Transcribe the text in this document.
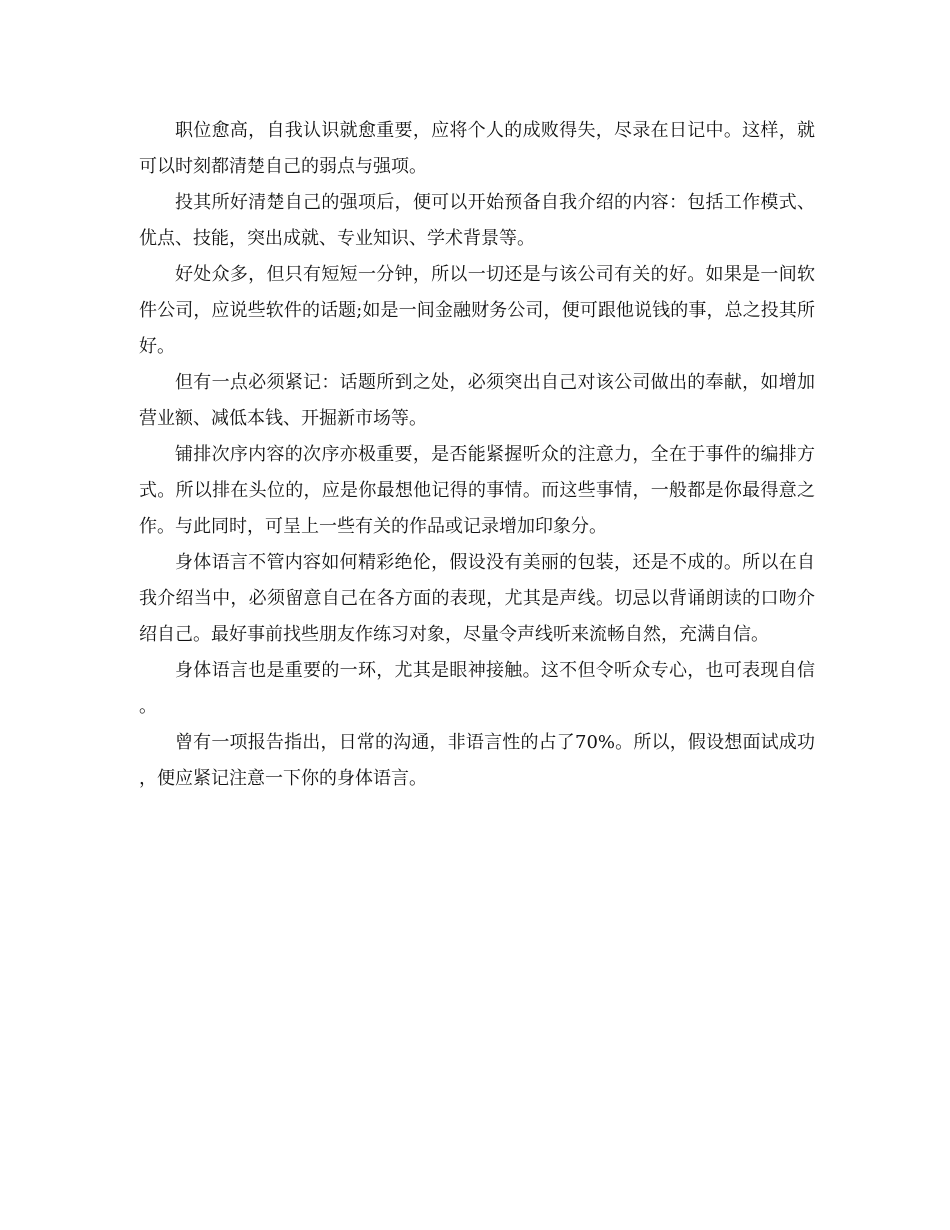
职位愈高，自我认识就愈重要，应将个人的成败得失，尽录在日记中。这样，就可以时刻都清楚自己的弱点与强项。

投其所好清楚自己的强项后，便可以开始预备自我介绍的内容：包括工作模式、优点、技能，突出成就、专业知识、学术背景等。

好处众多，但只有短短一分钟，所以一切还是与该公司有关的好。如果是一间软件公司，应说些软件的话题;如是一间金融财务公司，便可跟他说钱的事，总之投其所好。

但有一点必须紧记：话题所到之处，必须突出自己对该公司做出的奉献，如增加营业额、减低本钱、开掘新市场等。

铺排次序内容的次序亦极重要，是否能紧握听众的注意力，全在于事件的编排方式。所以排在头位的，应是你最想他记得的事情。而这些事情，一般都是你最得意之作。与此同时，可呈上一些有关的作品或记录增加印象分。

身体语言不管内容如何精彩绝伦，假设没有美丽的包装，还是不成的。所以在自我介绍当中，必须留意自己在各方面的表现，尤其是声线。切忌以背诵朗读的口吻介绍自己。最好事前找些朋友作练习对象，尽量令声线听来流畅自然，充满自信。

身体语言也是重要的一环，尤其是眼神接触。这不但令听众专心，也可表现自信。

曾有一项报告指出，日常的沟通，非语言性的占了70%。所以，假设想面试成功，便应紧记注意一下你的身体语言。
